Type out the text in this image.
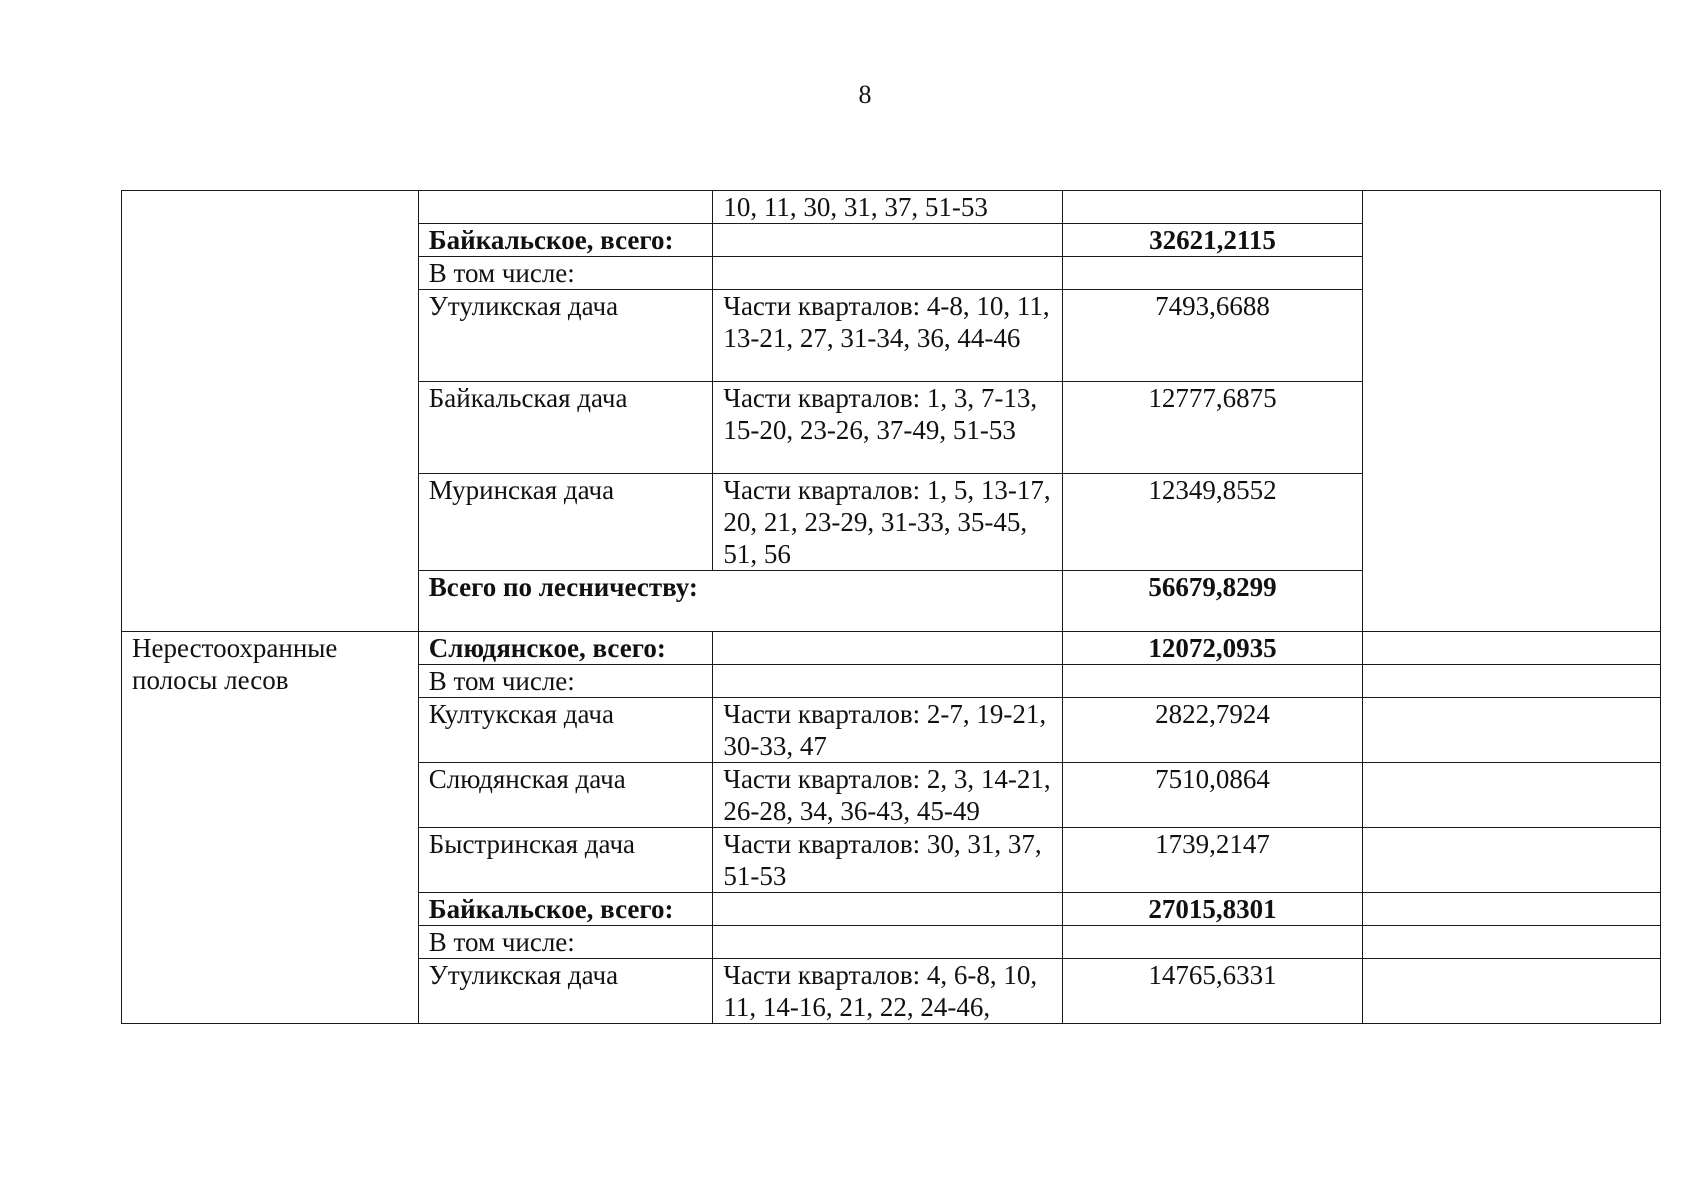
8
		10, 11, 30, 31, 37, 51-53		
	Байкальское, всего:		32621,2115	
	В том числе:			
	Утуликская дача	Части кварталов: 4-8, 10, 11, 13-21, 27, 31-34, 36, 44-46	7493,6688	
	Байкальская дача	Части кварталов: 1, 3, 7-13, 15-20, 23-26, 37-49, 51-53	12777,6875	
	Муринская дача	Части кварталов: 1, 5, 13-17, 20, 21, 23-29, 31-33, 35-45, 51, 56	12349,8552	
	Всего по лесничеству:		56679,8299	
Нерестоохранные полосы лесов	Слюдянское, всего:		12072,0935	
	В том числе:			
	Култукская дача	Части кварталов: 2-7, 19-21, 30-33, 47	2822,7924	
	Слюдянская дача	Части кварталов: 2, 3, 14-21, 26-28, 34, 36-43, 45-49	7510,0864	
	Быстринская дача	Части кварталов: 30, 31, 37, 51-53	1739,2147	
	Байкальское, всего:		27015,8301	
	В том числе:			
	Утуликская дача	Части кварталов: 4, 6-8, 10, 11, 14-16, 21, 22, 24-46,	14765,6331	
